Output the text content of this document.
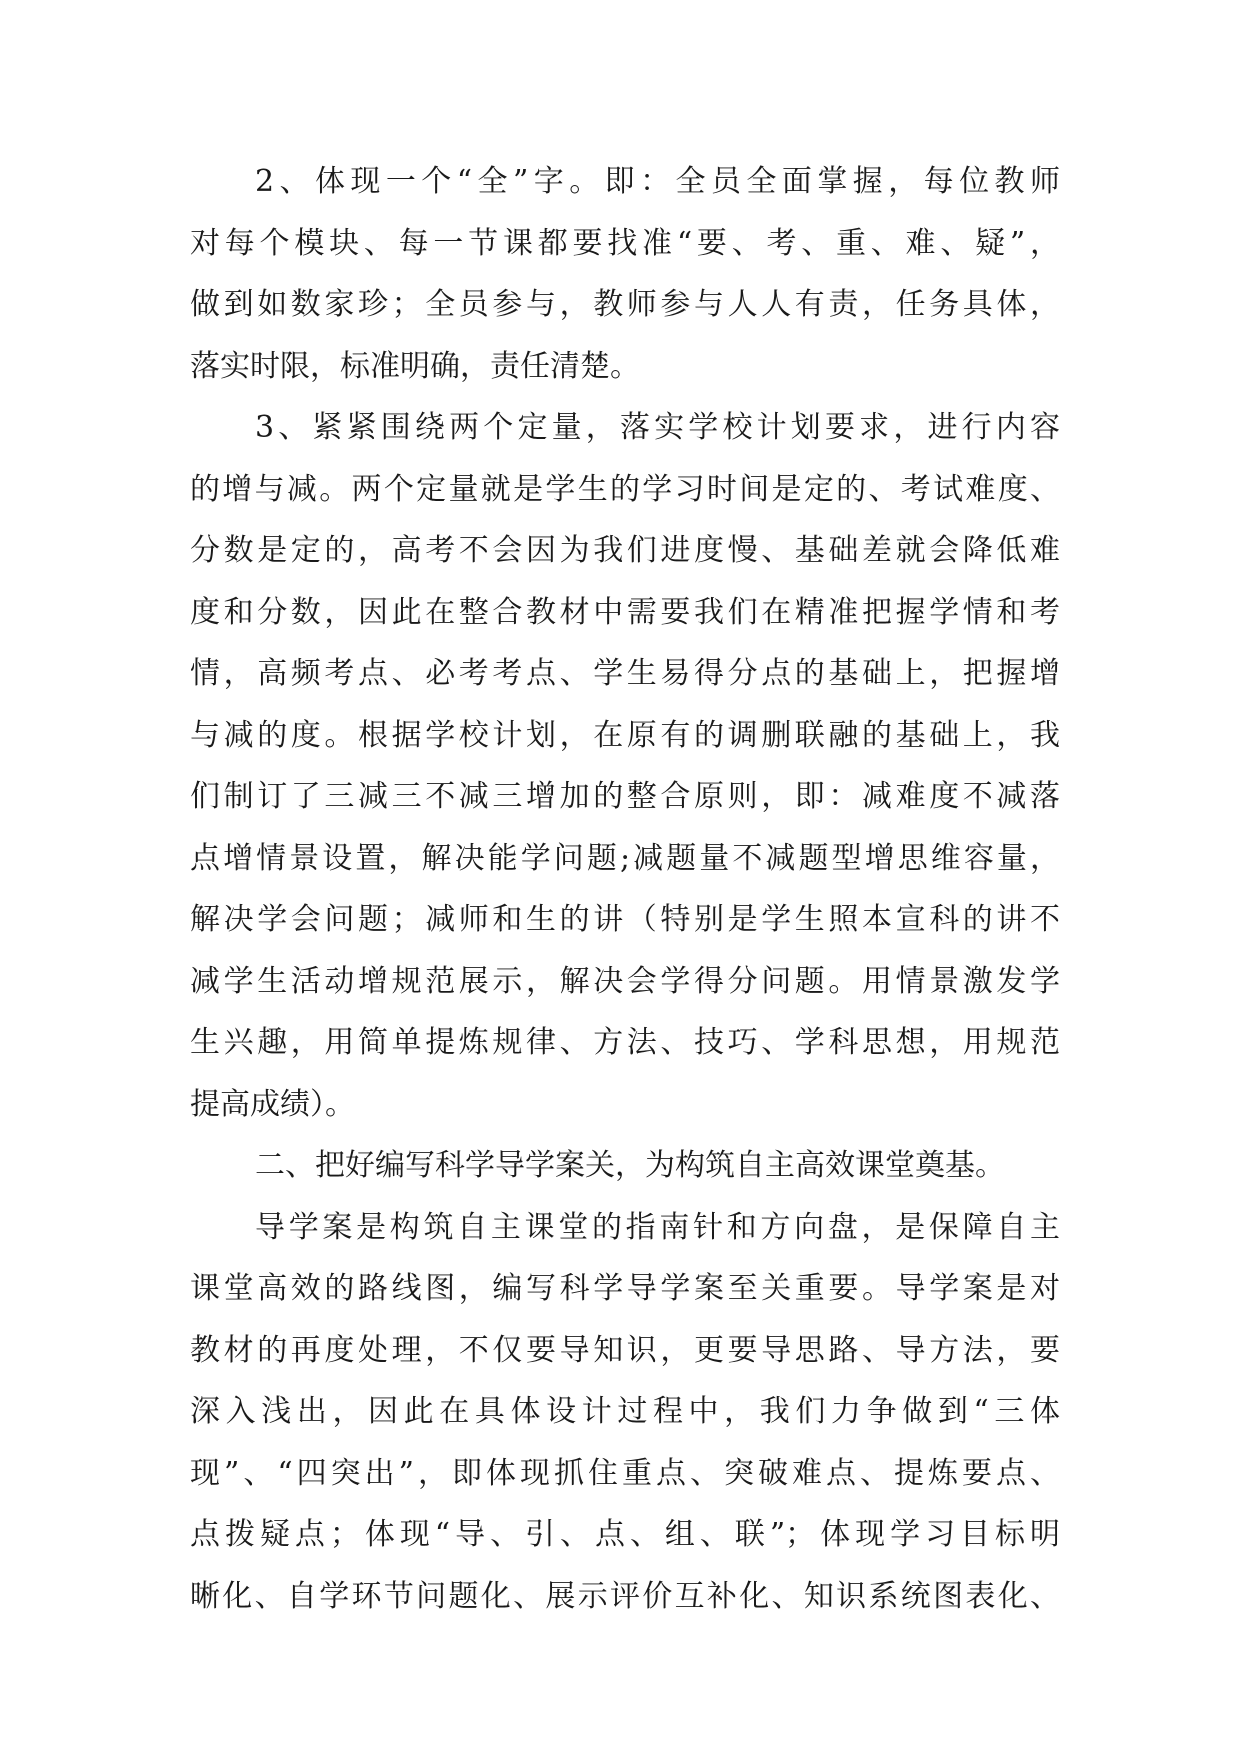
2、体现一个“全”字。即：全员全面掌握，每位教师
对每个模块、每一节课都要找准“要、考、重、难、疑”，
做到如数家珍；全员参与，教师参与人人有责，任务具体，
落实时限，标准明确，责任清楚。
3、紧紧围绕两个定量，落实学校计划要求，进行内容
的增与减。两个定量就是学生的学习时间是定的、考试难度、
分数是定的，高考不会因为我们进度慢、基础差就会降低难
度和分数，因此在整合教材中需要我们在精准把握学情和考
情，高频考点、必考考点、学生易得分点的基础上，把握增
与减的度。根据学校计划，在原有的调删联融的基础上，我
们制订了三减三不减三增加的整合原则，即：减难度不减落
点增情景设置，解决能学问题;减题量不减题型增思维容量，
解决学会问题；减师和生的讲（特别是学生照本宣科的讲不
减学生活动增规范展示，解决会学得分问题。用情景激发学
生兴趣，用简单提炼规律、方法、技巧、学科思想，用规范
提高成绩）。
二、把好编写科学导学案关，为构筑自主高效课堂奠基。
导学案是构筑自主课堂的指南针和方向盘，是保障自主
课堂高效的路线图，编写科学导学案至关重要。导学案是对
教材的再度处理，不仅要导知识，更要导思路、导方法，要
深入浅出，因此在具体设计过程中，我们力争做到“三体
现”、“四突出”，即体现抓住重点、突破难点、提炼要点、
点拨疑点；体现“导、引、点、组、联”；体现学习目标明
晰化、自学环节问题化、展示评价互补化、知识系统图表化、
